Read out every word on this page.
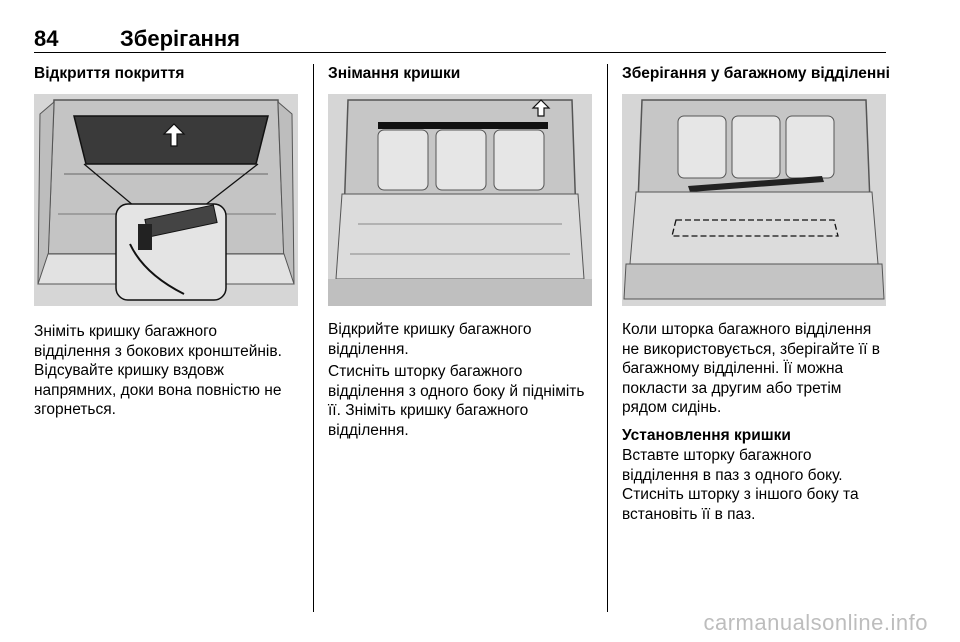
84	Зберігання
Відкриття покриття

Зніміть кришку багажного
відділення з бокових кронштейнів.
Відсувайте кришку вздовж
напрямних, доки вона повністю не
згорнеться.

Знімання кришки

Відкрийте кришку багажного
відділення.

Стисніть шторку багажного
відділення з одного боку й підніміть
її. Зніміть кришку багажного
відділення.

Зберігання у багажному відділенні

Коли шторка багажного відділення
не використовується, зберігайте її в
багажному відділенні. Її можна
покласти за другим або третім
рядом сидінь.

Установлення кришки

Вставте шторку багажного
відділення в паз з одного боку.
Стисніть шторку з іншого боку та
встановіть її в паз.

carmanualsonline.info
